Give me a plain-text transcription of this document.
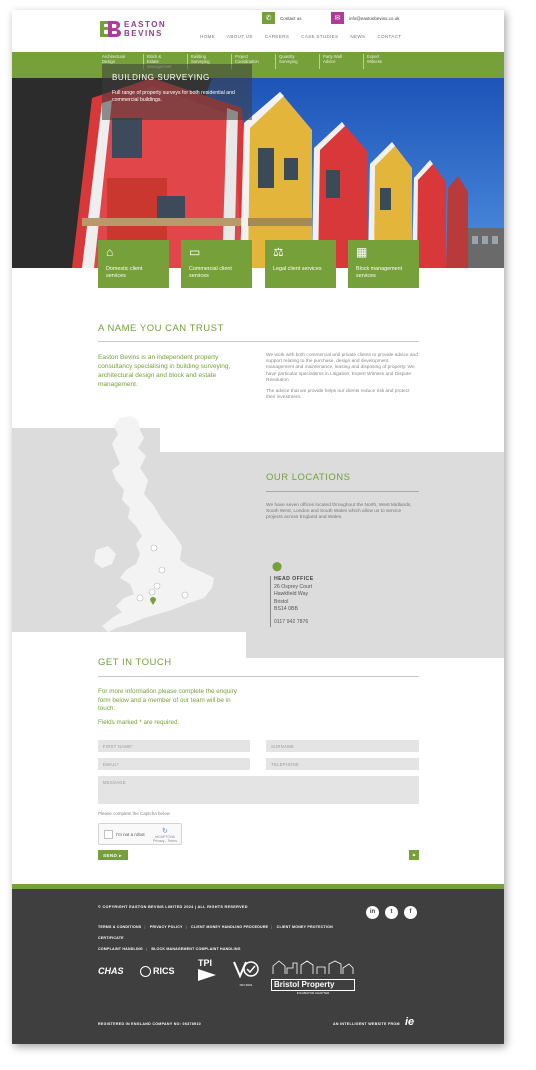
EASTON
BEVINS
✆	Contact us	✉	info@eastonbevins.co.uk
HOME	ABOUT US	CAREERS	CASE STUDIES	NEWS	CONTACT
Architectural
Design
Block &
Estate

Building
Surveying
Project
Coordination
Quantity
Surveying
Party Wall
Advice
Expert
Witness
BUILDING SURVEYING

Full range of property surveys for both residential and commercial buildings.

⌂
Domestic client services
▭
Commercial client services
⚖
Legal client services
▦
Block management services
A NAME YOU CAN TRUST
Easton Bevins is an independent property consultancy specialising in building surveying, architectural design and block and estate management.

We work with both commercial and private clients to provide advice and support relating to the purchase, design and development, management and maintenance, leasing and disposing of property. We have particular specialisms in Litigation, Expert Witness and Dispute Resolution.

The advice that we provide helps our clients reduce risk and protect their investment.

OUR LOCATIONS
We have seven offices located throughout the North, West Midlands, South West, London and South Wales which allow us to service projects across England and Wales.
⬤
HEAD OFFICE
26 Osprey Court
Hawkfield Way
Bristol
BS14 0BB
0117 942 7876
GET IN TOUCH
For more information please complete the enquiry form below and a member of our team will be in touch.
Fields marked * are required.
FIRST NAME*	SURNAME
EMAIL*	TELEPHONE
MESSAGE
Please complete the Captcha below
I'm not a robot	↻
reCAPTCHA
Privacy - Terms
SEND ▸	▲
© COPYRIGHT EASTON BEVINS LIMITED 2024 | ALL RIGHTS RESERVED
TERMS & CONDITIONS | PRIVACY POLICY | CLIENT MONEY HANDLING PROCEDURE | CLIENT MONEY PROTECTION CERTIFICATE
COMPLAINT HANDLING | BLOCK MANAGEMENT COMPLAINT HANDLING
in	t	f
CHAS	RICS
TPI
ISO 9001	Bristol Property
INCUBATOR CHAPTER
REGISTERED IN ENGLAND COMPANY NO: 06378910	AN INTELLIGENT WEBSITE FROM ie
